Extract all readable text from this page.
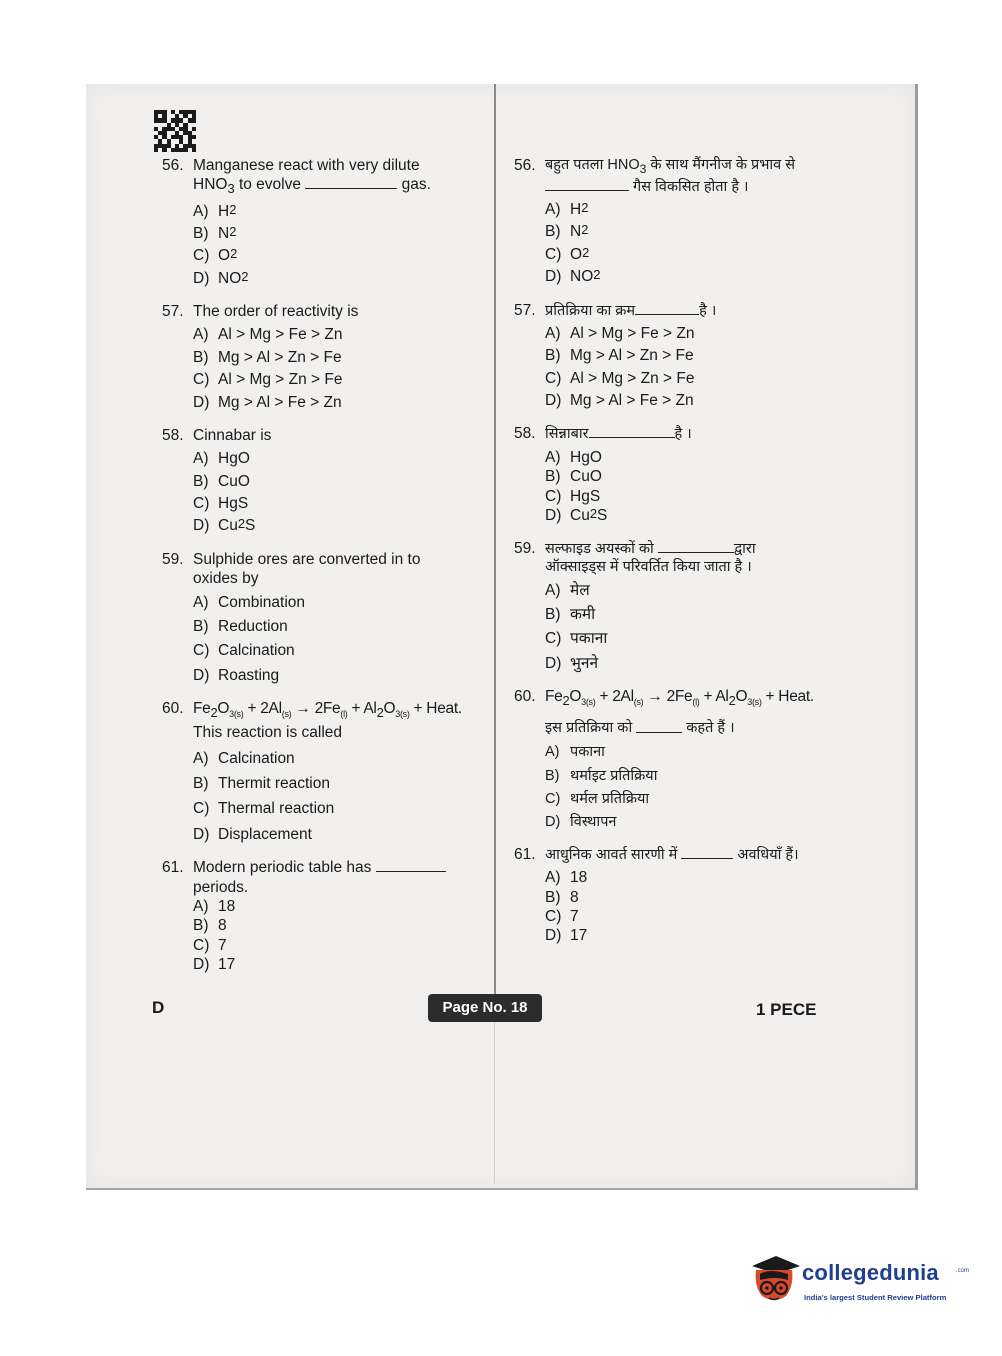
56. Manganese react with very dilute
$HNO_3$ to evolve	gas.
A) H 2
B) N 2
C) O 2
D) NO 2
57. The order of reactivity is
A) Al > Mg > Fe > Zn
B) Mg > Al > Zn > Fe
C) Al > Mg > Zn > Fe
D) Mg > Al > Fe > Zn
58. Cinnabar is
A) HgO
B) CuO
C) HgS
D) Cu 2 S
59. Sulphide ores are converted in to oxides by
A) Combination
B) Reduction
C) Calcination
D) Roasting
60. $Fe_2O_{3(s)} + 2Al_{(s)} \to 2Fe_{(l)} + Al_2O_{3(s)}$ + Heat.
This reaction is called
A) Calcination
B) Thermit reaction
C) Thermal reaction
D) Displacement
61. Modern periodic table has
periods.
A) 18
B) 8
C) 7
D) 17
56. बहुत पतला $HNO_3$ के साथ मैंगनीज के प्रभाव से
गैस विकसित होता है ।
A) H 2
B) N 2
C) O 2
D) NO 2
57. प्रतिक्रिया का क्रम	है ।
A) Al > Mg > Fe > Zn
B) Mg > Al > Zn > Fe
C) Al > Mg > Zn > Fe
D) Mg > Al > Fe > Zn
58. सिन्नाबार	है ।
A) HgO
B) CuO
C) HgS
D) Cu 2 S
59. सल्फाइड अयस्कों को	द्वारा
ऑक्साइड्स में परिवर्तित किया जाता है ।
A) मेल
B) कमी
C) पकाना
D) भुनने
60. $Fe_2O_{3(s)} + 2Al_{(s)} \to 2Fe_{(l)} + Al_2O_{3(s)}$ + Heat.
इस प्रतिक्रिया को

	कहते हैं ।
A) पकाना
B) थर्माइट प्रतिक्रिया
C) थर्मल प्रतिक्रिया
D) विस्थापन
61. आधुनिक आवर्त सारणी में	अवधियाँ हैं।
A) 18
B) 8
C) 7
D) 17
D	Page No. 18	1 PECE
collegedunia	.com
India's largest Student Review Platform
